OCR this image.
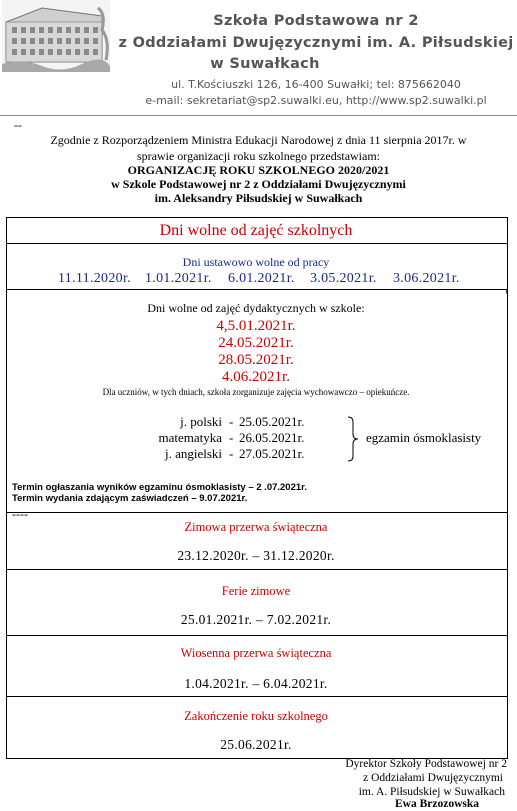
Szkoła Podstawowa nr 2
z Oddziałami Dwujęzycznymi im. A. Piłsudskiej
w Suwałkach
ul. T.Kościuszki 126, 16-400 Suwałki; tel: 875662040
e-mail: sekretariat@sp2.suwalki.eu, http://www.sp2.suwalki.pl
--
Zgodnie z Rozporządzeniem Ministra Edukacji Narodowej z dnia 11 sierpnia 2017r. w
sprawie organizacji roku szkolnego przedstawiam:
ORGANIZACJĘ ROKU SZKOLNEGO 2020/2021
w Szkole Podstawowej nr 2 z Oddziałami Dwujęzycznymi
im. Aleksandry Piłsudskiej w Suwałkach
¹
Dni wolne od zajęć szkolnych
Dni ustawowo wolne od pracy
11.11.2020r. 1.01.2021r. 6.01.2021r. 3.05.2021r. 3.06.2021r.
Dni wolne od zajęć dydaktycznych w szkole:
4,5.01.2021r.
24.05.2021r.
28.05.2021r.
4.06.2021r.
Dla uczniów, w tych dniach, szkoła zorganizuje zajęcia wychowawczo – opiekuńcze.
j. polski - 25.05.2021r.
matematyka - 26.05.2021r.
j. angielski - 27.05.2021r.
egzamin ósmoklasisty
Termin ogłaszania wyników egzaminu ósmoklasisty – 2 .07.2021r.
Termin wydania zdającym zaświadczeń – 9.07.2021r.
----
Zimowa przerwa świąteczna
23.12.2020r. – 31.12.2020r.
Ferie zimowe
25.01.2021r. – 7.02.2021r.
Wiosenna przerwa świąteczna
1.04.2021r. – 6.04.2021r.
Zakończenie roku szkolnego
25.06.2021r.
Dyrektor Szkoły Podstawowej nr 2
z Oddziałami Dwujęzycznymi
im. A. Piłsudskiej w Suwałkach
Ewa Brzozowska
